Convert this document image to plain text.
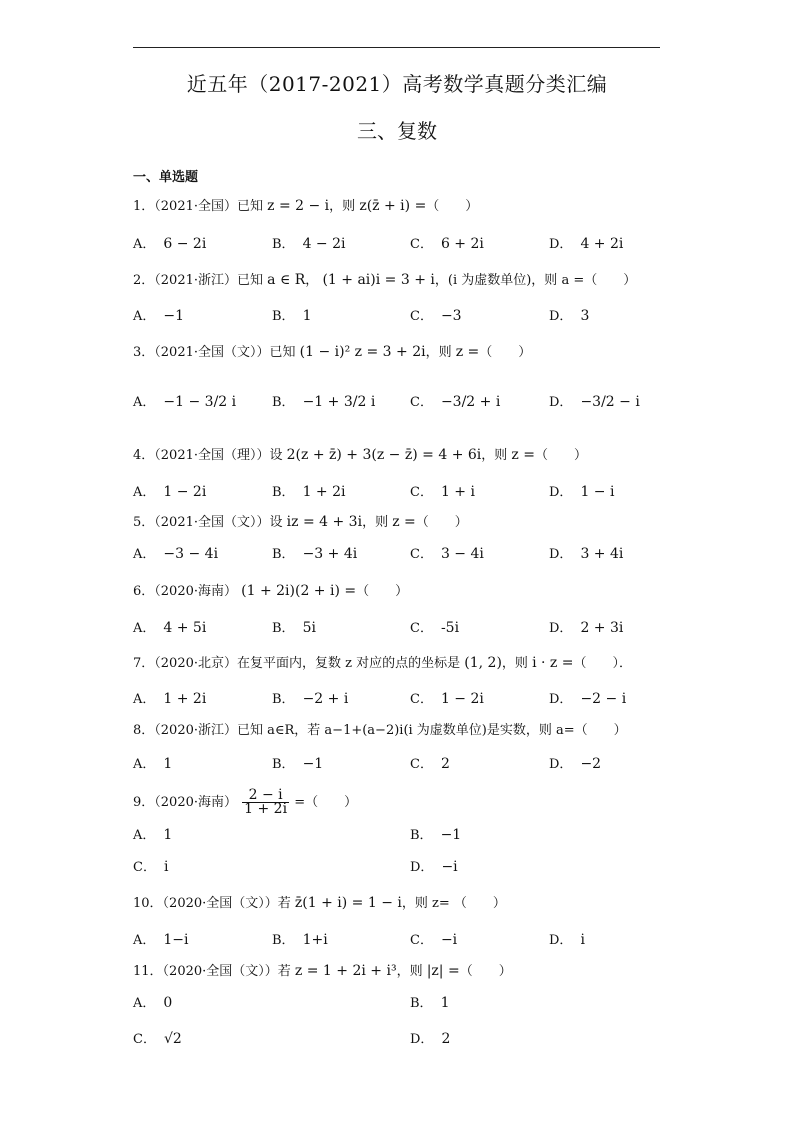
近五年（2017-2021）高考数学真题分类汇编
三、复数
一、单选题
1．（2021·全国）已知 z = 2 − i，则 z(z̄ + i) =（　　）
A． 6 − 2i	B． 4 − 2i	C． 6 + 2i	D． 4 + 2i
2．（2021·浙江）已知 a ∈ R， (1 + ai)i = 3 + i，(i 为虚数单位)，则 a =（　　）
A． −1	B． 1	C． −3	D． 3
3．（2021·全国（文））已知 (1 − i)² z = 3 + 2i，则 z =（　　）
A． −1 − 3/2 i	B． −1 + 3/2 i	C． −3/2 + i	D． −3/2 − i
4．（2021·全国（理））设 2(z + z̄) + 3(z − z̄) = 4 + 6i，则 z =（　　）
A． 1 − 2i	B． 1 + 2i	C． 1 + i	D． 1 − i
5．（2021·全国（文））设 iz = 4 + 3i，则 z =（　　）
A． −3 − 4i	B． −3 + 4i	C． 3 − 4i	D． 3 + 4i
6．（2020·海南） (1 + 2i)(2 + i) =（　　）
A． 4 + 5i	B． 5i	C． -5i	D． 2 + 3i
7．（2020·北京）在复平面内，复数 z 对应的点的坐标是 (1, 2)，则 i · z =（　　）．
A． 1 + 2i	B． −2 + i	C． 1 − 2i	D． −2 − i
8．（2020·浙江）已知 a∈R，若 a−1+(a−2)i(i 为虚数单位)是实数，则 a=（　　）
A． 1	B． −1	C． 2	D． −2
9．（2020·海南） $\frac{2 - i}{1 + 2i}$ =（　　）
A． 1	B． −1
C． i	D． −i
10．（2020·全国（文））若 z̄(1 + i) = 1 − i，则 z= （　　）
A． 1−i	B． 1+i	C． −i	D． i
11．（2020·全国（文））若 z = 1 + 2i + i³，则 |z| =（　　）
A． 0	B． 1
C． √2	D． 2
